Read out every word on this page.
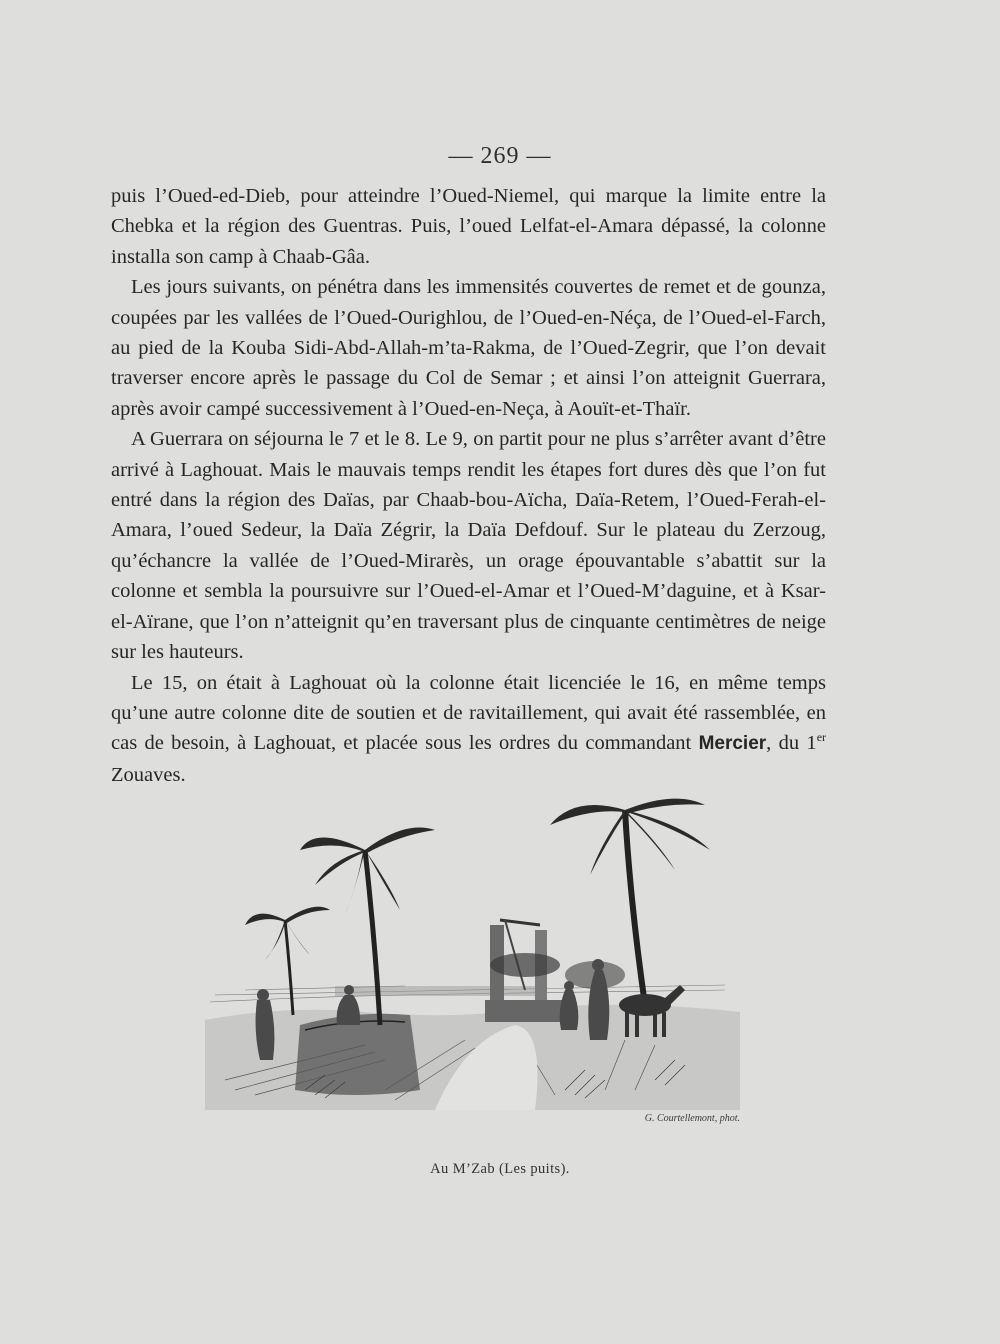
— 269 —

puis l’Oued-ed-Dieb, pour atteindre l’Oued-Niemel, qui marque la limite entre la Chebka et la région des Guentras. Puis, l’oued Lelfat-el-Amara dépassé, la colonne installa son camp à Chaab-Gâa.

Les jours suivants, on pénétra dans les immensités couvertes de remet et de gounza, coupées par les vallées de l’Oued-Ourighlou, de l’Oued-en-Néça, de l’Oued-el-Farch, au pied de la Kouba Sidi-Abd-Allah-m’ta-Rakma, de l’Oued-Zegrir, que l’on devait traverser encore après le passage du Col de Semar ; et ainsi l’on atteignit Guerrara, après avoir campé successivement à l’Oued-en-Neça, à Aouït-et-Thaïr.

A Guerrara on séjourna le 7 et le 8. Le 9, on partit pour ne plus s’arrêter avant d’être arrivé à Laghouat. Mais le mauvais temps rendit les étapes fort dures dès que l’on fut entré dans la région des Daïas, par Chaab-bou-Aïcha, Daïa-Retem, l’Oued-Ferah-el-Amara, l’oued Sedeur, la Daïa Zégrir, la Daïa Defdouf. Sur le plateau du Zerzoug, qu’échancre la vallée de l’Oued-Mirarès, un orage épouvantable s’abattit sur la colonne et sembla la poursuivre sur l’Oued-el-Amar et l’Oued-M’daguine, et à Ksar-el-Aïrane, que l’on n’atteignit qu’en traversant plus de cinquante centimètres de neige sur les hauteurs.

Le 15, on était à Laghouat où la colonne était licenciée le 16, en même temps qu’une autre colonne dite de soutien et de ravitaillement, qui avait été rassemblée, en cas de besoin, à Laghouat, et placée sous les ordres du commandant Mercier, du 1er Zouaves.

G. Courtellemont, phot.
Au M’Zab (Les puits).
